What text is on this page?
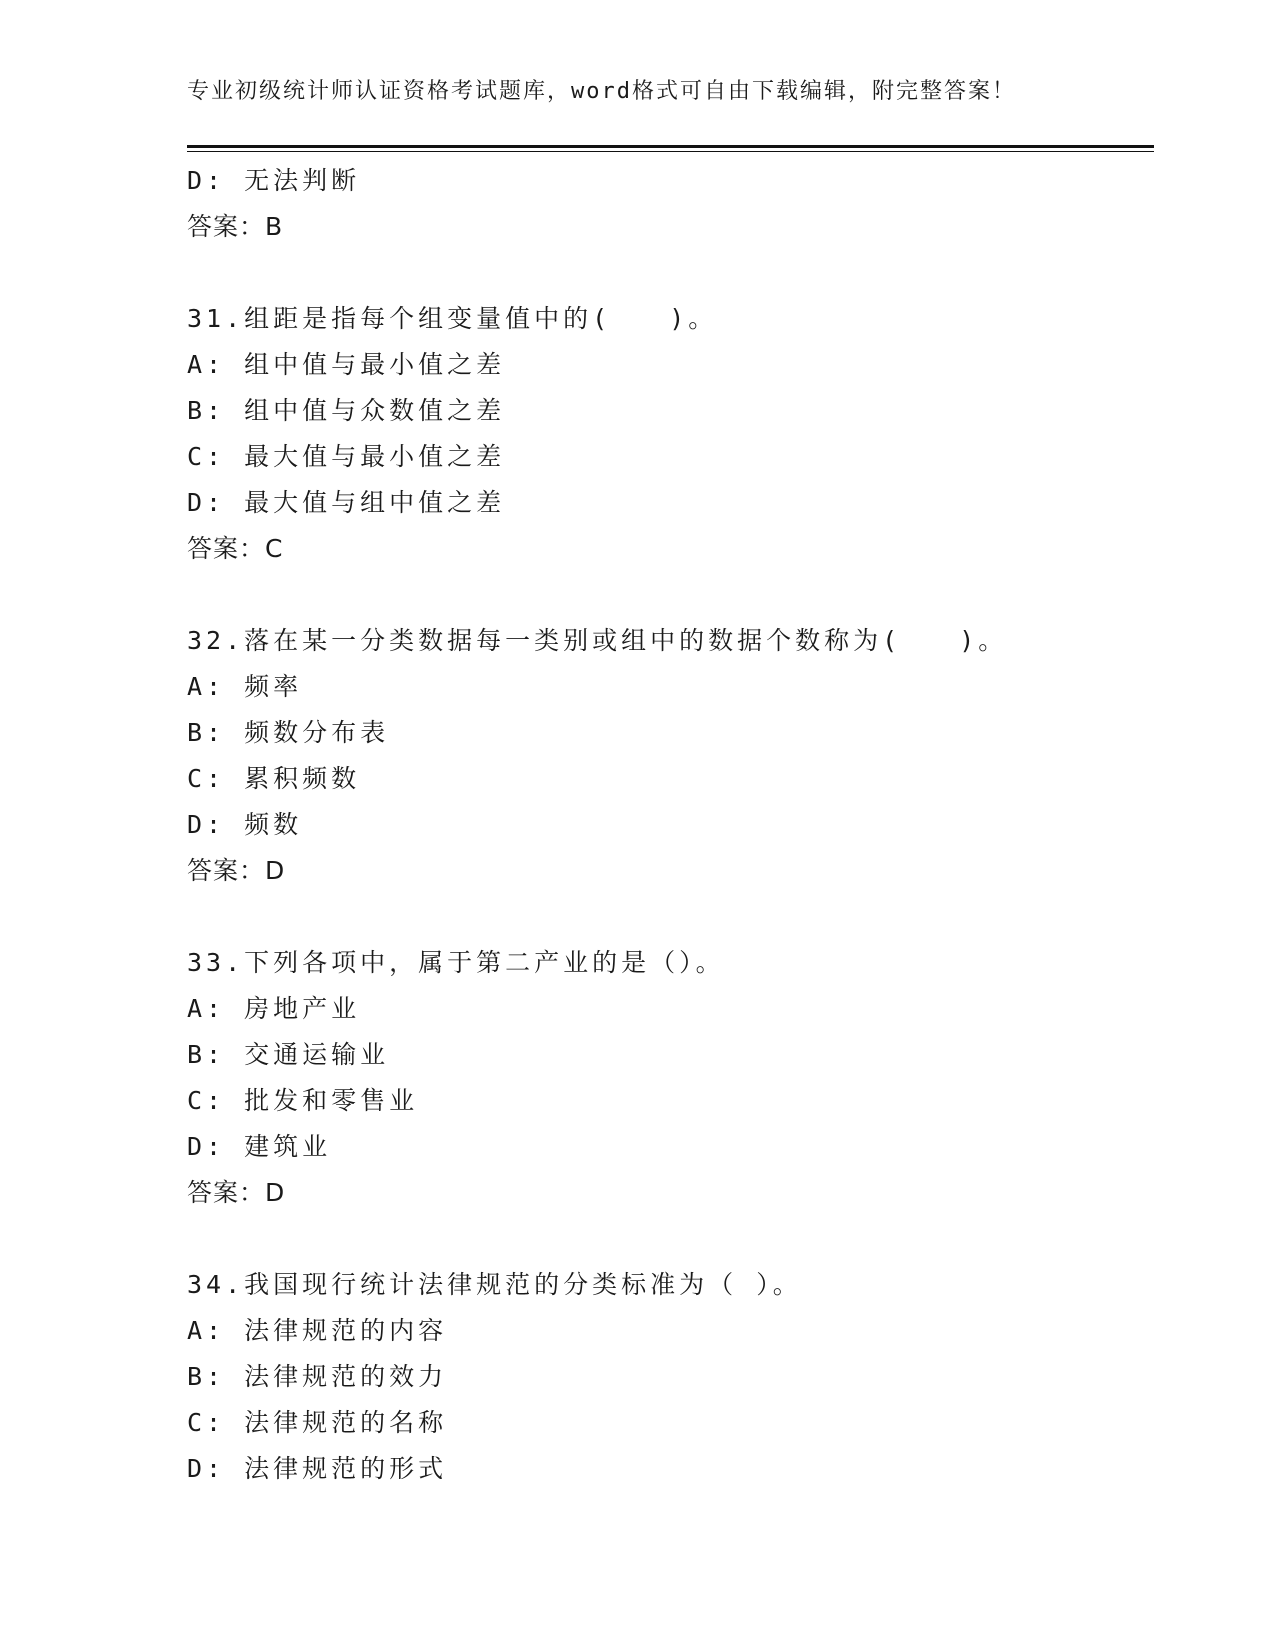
专业初级统计师认证资格考试题库，word格式可自由下载编辑，附完整答案！
D: 无法判断
答案：B
31.组距是指每个组变量值中的(　　)。
A: 组中值与最小值之差
B: 组中值与众数值之差
C: 最大值与最小值之差
D: 最大值与组中值之差
答案：C
32.落在某一分类数据每一类别或组中的数据个数称为(　　)。
A: 频率
B: 频数分布表
C: 累积频数
D: 频数
答案：D
33.下列各项中，属于第二产业的是（）。
A: 房地产业
B: 交通运输业
C: 批发和零售业
D: 建筑业
答案：D
34.我国现行统计法律规范的分类标准为（ ）。
A: 法律规范的内容
B: 法律规范的效力
C: 法律规范的名称
D: 法律规范的形式
